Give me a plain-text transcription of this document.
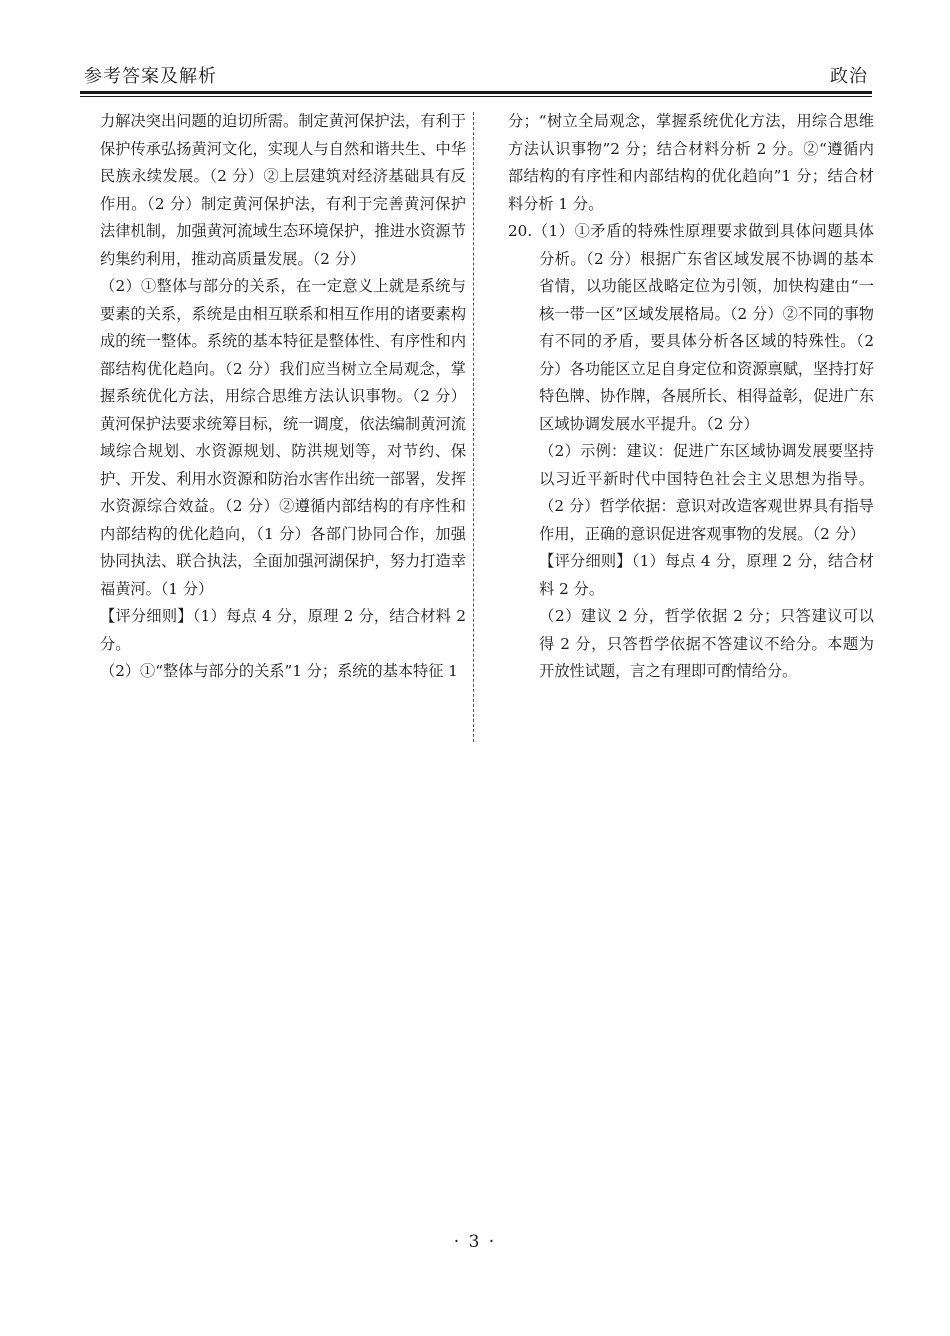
参考答案及解析	政治

力解决突出问题的迫切所需。制定黄河保护法，有利于保护传承弘扬黄河文化，实现人与自然和谐共生、中华民族永续发展。（2 分）②上层建筑对经济基础具有反作用。（2 分）制定黄河保护法，有利于完善黄河保护法律机制，加强黄河流域生态环境保护，推进水资源节约集约利用，推动高质量发展。（2 分）

（2）①整体与部分的关系，在一定意义上就是系统与要素的关系，系统是由相互联系和相互作用的诸要素构成的统一整体。系统的基本特征是整体性、有序性和内部结构优化趋向。（2 分）我们应当树立全局观念，掌握系统优化方法，用综合思维方法认识事物。（2 分）黄河保护法要求统筹目标，统一调度，依法编制黄河流域综合规划、水资源规划、防洪规划等，对节约、保护、开发、利用水资源和防治水害作出统一部署，发挥水资源综合效益。（2 分）②遵循内部结构的有序性和内部结构的优化趋向，（1 分）各部门协同合作，加强协同执法、联合执法，全面加强河湖保护，努力打造幸福黄河。（1 分）

【评分细则】（1）每点 4 分，原理 2 分，结合材料 2 分。

（2）①“整体与部分的关系”1 分；系统的基本特征 1

分；“树立全局观念，掌握系统优化方法，用综合思维方法认识事物”2 分；结合材料分析 2 分。②“遵循内部结构的有序性和内部结构的优化趋向”1 分；结合材料分析 1 分。

20.（1）①矛盾的特殊性原理要求做到具体问题具体分析。（2 分）根据广东省区域发展不协调的基本省情，以功能区战略定位为引领，加快构建由“一核一带一区”区域发展格局。（2 分）②不同的事物有不同的矛盾，要具体分析各区域的特殊性。（2 分）各功能区立足自身定位和资源禀赋，坚持打好特色牌、协作牌，各展所长、相得益彰，促进广东区域协调发展水平提升。（2 分）

（2）示例：建议：促进广东区域协调发展要坚持以习近平新时代中国特色社会主义思想为指导。（2 分）哲学依据：意识对改造客观世界具有指导作用，正确的意识促进客观事物的发展。（2 分）

【评分细则】（1）每点 4 分，原理 2 分，结合材料 2 分。

（2）建议 2 分，哲学依据 2 分；只答建议可以得 2 分，只答哲学依据不答建议不给分。本题为开放性试题，言之有理即可酌情给分。

· 3 ·
